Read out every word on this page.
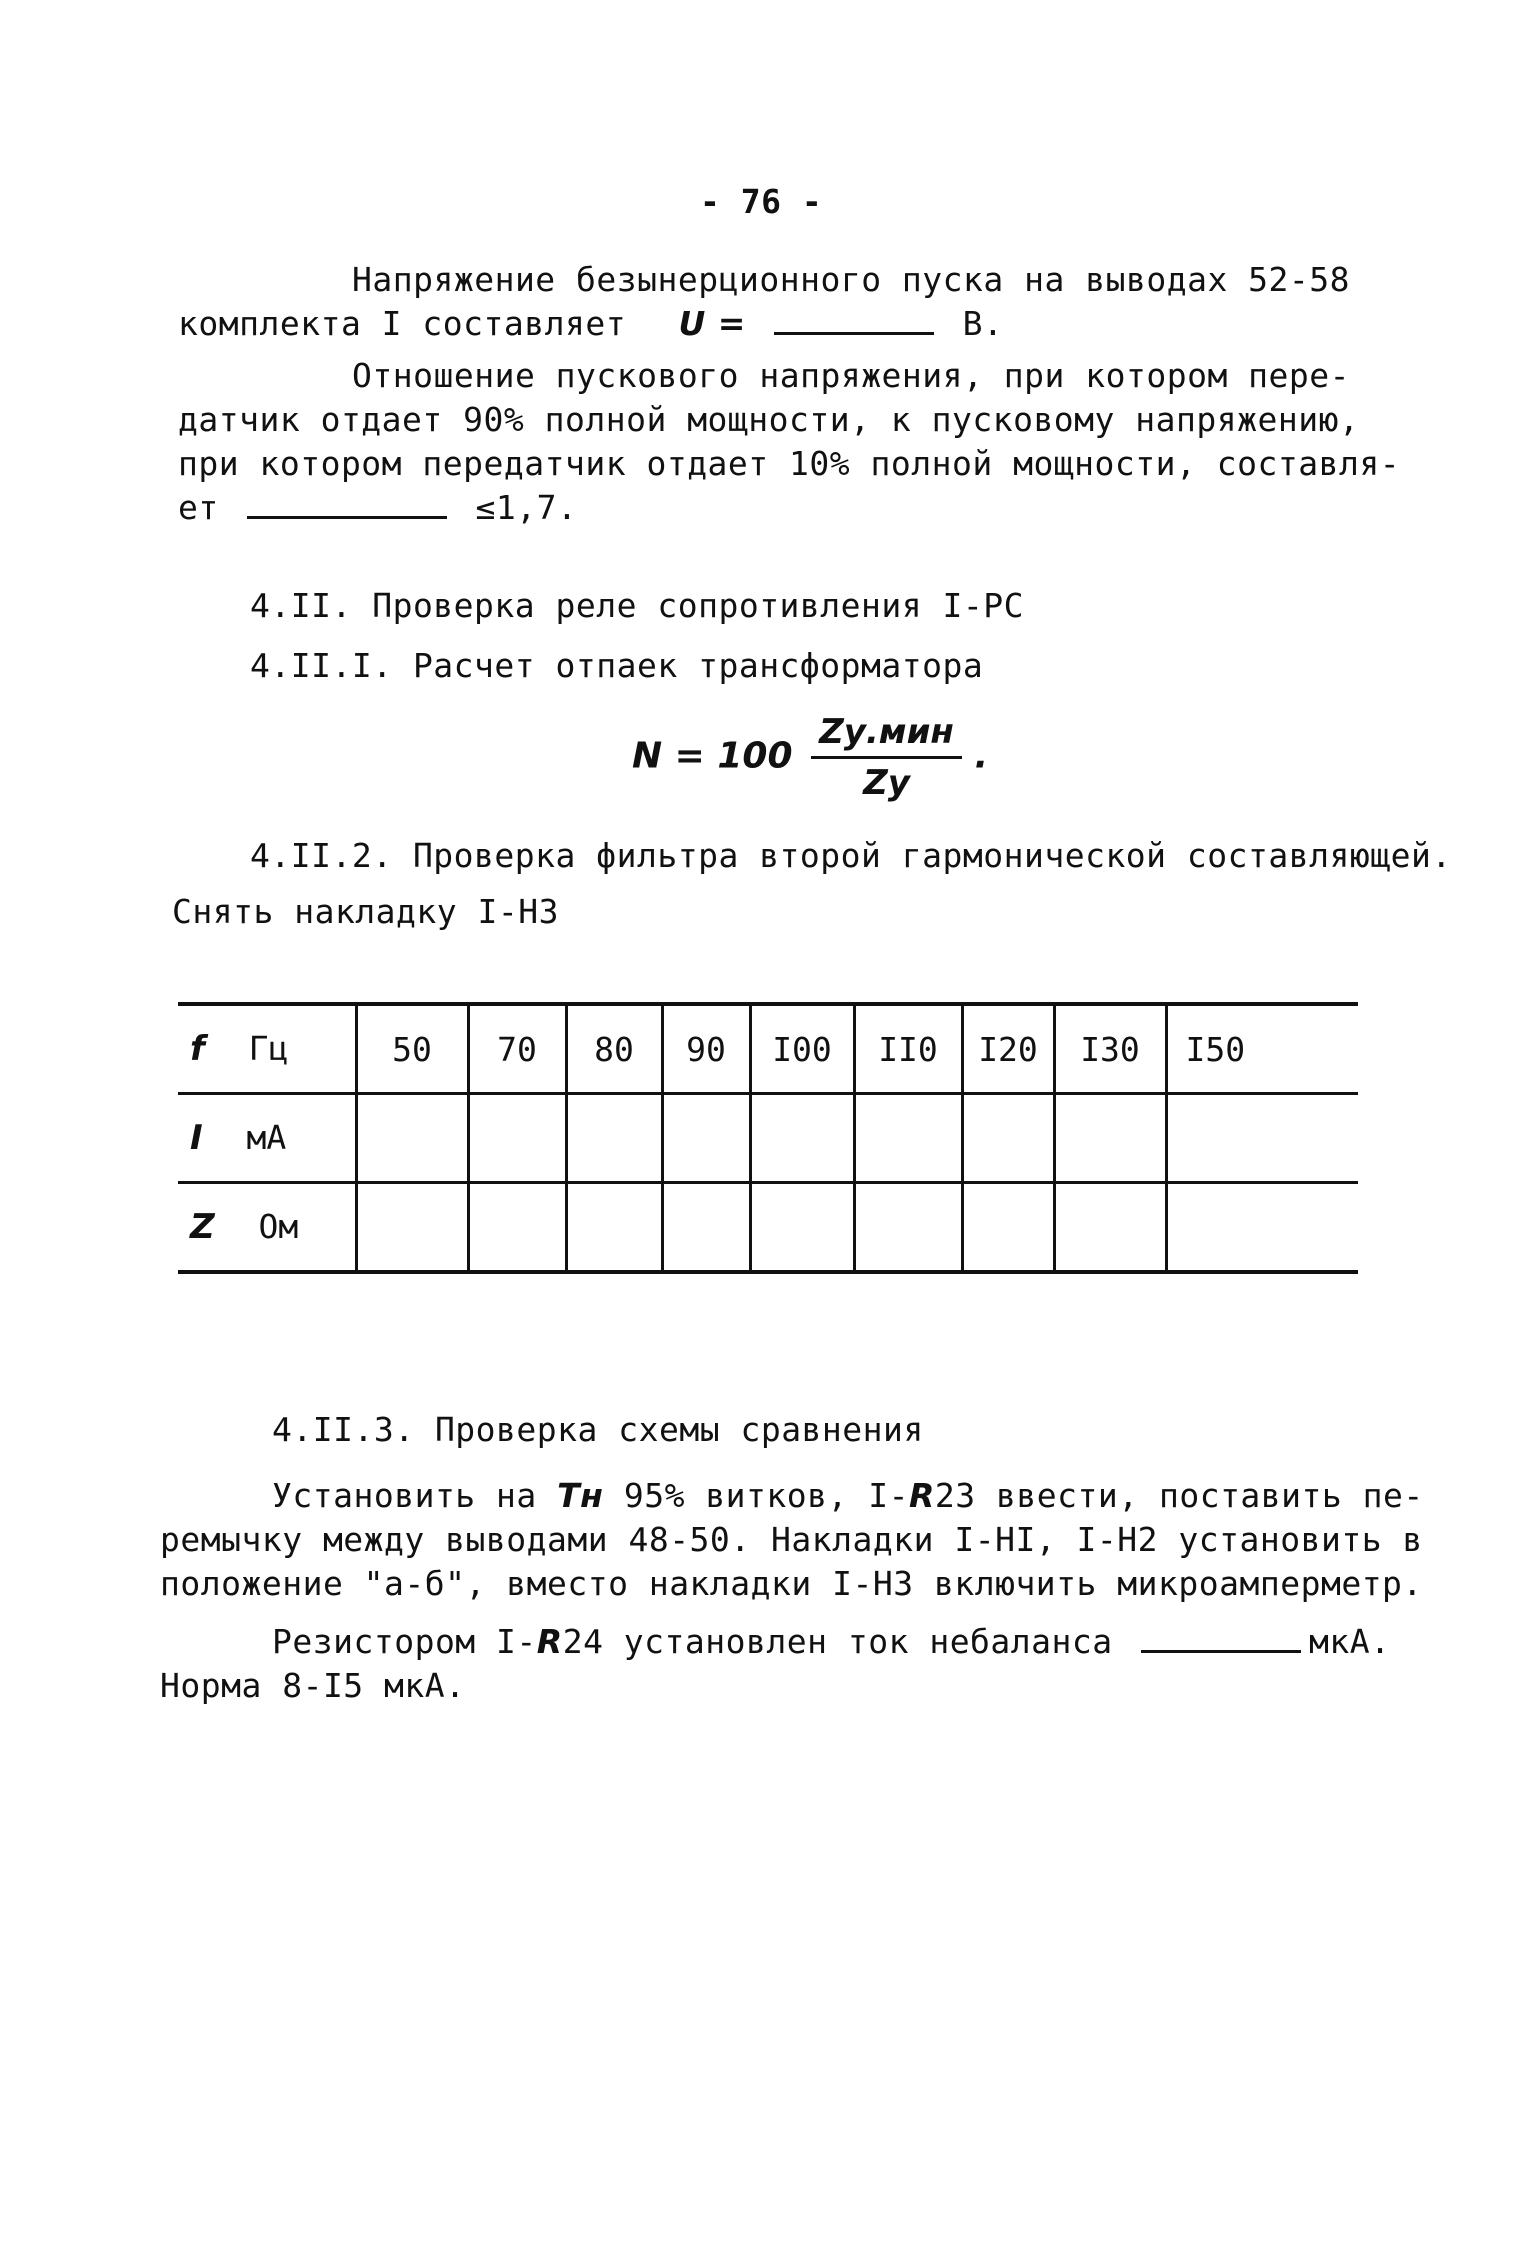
- 76 -
Напряжение безынерционного пуска на выводах 52-58
комплекта I составляет U =	В.
Отношение пускового напряжения, при котором пере-
датчик отдает 90% полной мощности, к пусковому напряжению,
при котором передатчик отдает 10% полной мощности, составля-
ет	≤1,7.
4.II. Проверка реле сопротивления I-РС
4.II.I. Расчет отпаек трансформатора
$N = 100 \frac{\text{Zу.мин}}{Zу}$ .
4.II.2. Проверка фильтра второй гармонической составляющей.
Снять накладку I-НЗ
f Гц	50	70	80	90	I00	II0	I20	I30	I50
I мА									
Z Ом									
4.II.3. Проверка схемы сравнения
Установить на Тн 95% витков, I-R23 ввести, поставить пе-
ремычку между выводами 48-50. Накладки I-НI, I-Н2 установить в
положение "а-б", вместо накладки I-НЗ включить микроамперметр.
Резистором I-R24 установлен ток небаланса	мкА.
Норма 8-I5 мкА.
